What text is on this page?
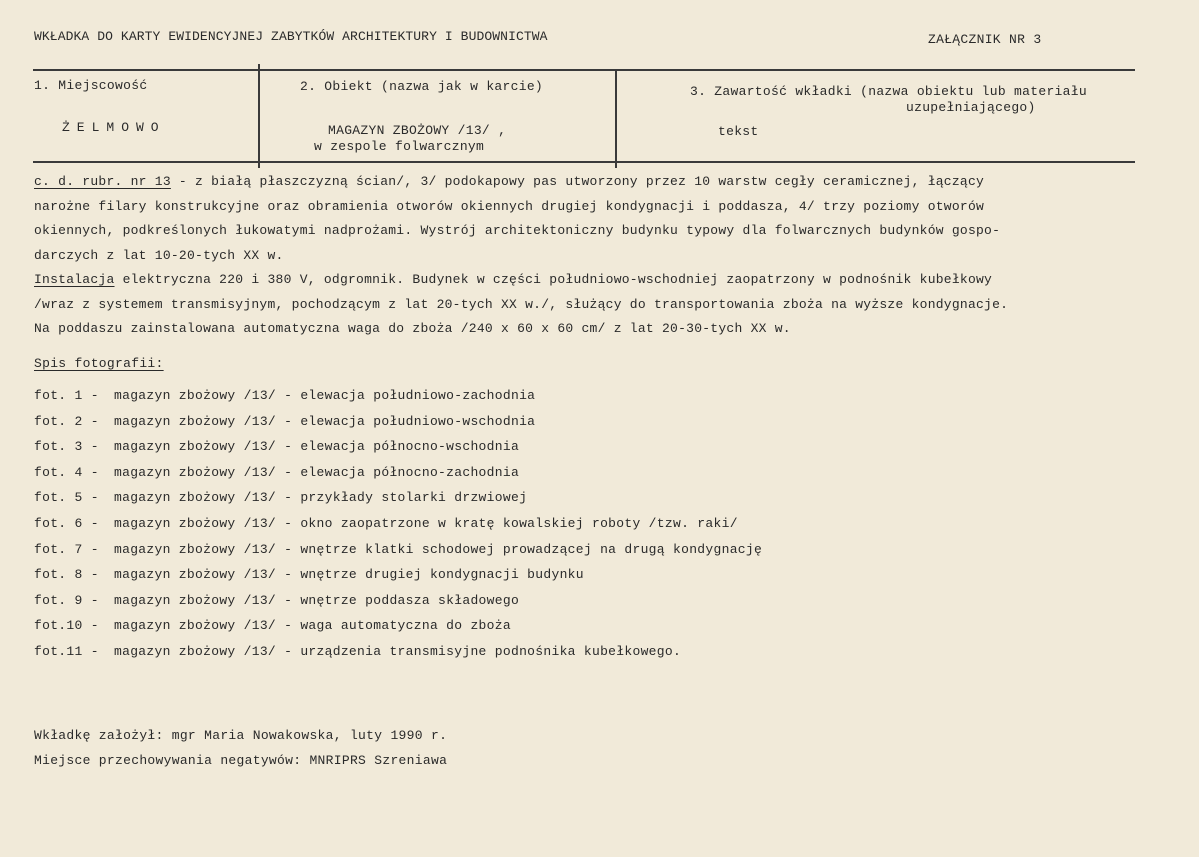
WKŁADKA DO KARTY EWIDENCYJNEJ ZABYTKÓW ARCHITEKTURY I BUDOWNICTWA	ZAŁĄCZNIK NR 3
1. Miejscowość
ŻELMOWO
2. Obiekt (nazwa jak w karcie)
MAGAZYN ZBOŻOWY /13/ ,
w zespole folwarcznym
3. Zawartość wkładki (nazwa obiektu lub materiału
uzupełniającego)
tekst
c. d. rubr. nr 13 - z białą płaszczyzną ścian/, 3/ podokapowy pas utworzony przez 10 warstw cegły ceramicznej, łączący
narożne filary konstrukcyjne oraz obramienia otworów okiennych drugiej kondygnacji i poddasza, 4/ trzy poziomy otworów
okiennych, podkreślonych łukowatymi nadprożami. Wystrój architektoniczny budynku typowy dla folwarcznych budynków gospo-
darczych z lat 10-20-tych XX w.
Instalacja elektryczna 220 i 380 V, odgromnik. Budynek w części południowo-wschodniej zaopatrzony w podnośnik kubełkowy
/wraz z systemem transmisyjnym, pochodzącym z lat 20-tych XX w./, służący do transportowania zboża na wyższe kondygnacje.
Na poddaszu zainstalowana automatyczna waga do zboża /240 x 60 x 60 cm/ z lat 20-30-tych XX w.
Spis fotografii:
fot. 1 - magazyn zbożowy /13/ - elewacja południowo-zachodnia
fot. 2 - magazyn zbożowy /13/ - elewacja południowo-wschodnia
fot. 3 - magazyn zbożowy /13/ - elewacja północno-wschodnia
fot. 4 - magazyn zbożowy /13/ - elewacja północno-zachodnia
fot. 5 - magazyn zbożowy /13/ - przykłady stolarki drzwiowej
fot. 6 - magazyn zbożowy /13/ - okno zaopatrzone w kratę kowalskiej roboty /tzw. raki/
fot. 7 - magazyn zbożowy /13/ - wnętrze klatki schodowej prowadzącej na drugą kondygnację
fot. 8 - magazyn zbożowy /13/ - wnętrze drugiej kondygnacji budynku
fot. 9 - magazyn zbożowy /13/ - wnętrze poddasza składowego
fot.10 - magazyn zbożowy /13/ - waga automatyczna do zboża
fot.11 - magazyn zbożowy /13/ - urządzenia transmisyjne podnośnika kubełkowego.
Wkładkę założył: mgr Maria Nowakowska, luty 1990 r.
Miejsce przechowywania negatywów: MNRIPRS Szreniawa
